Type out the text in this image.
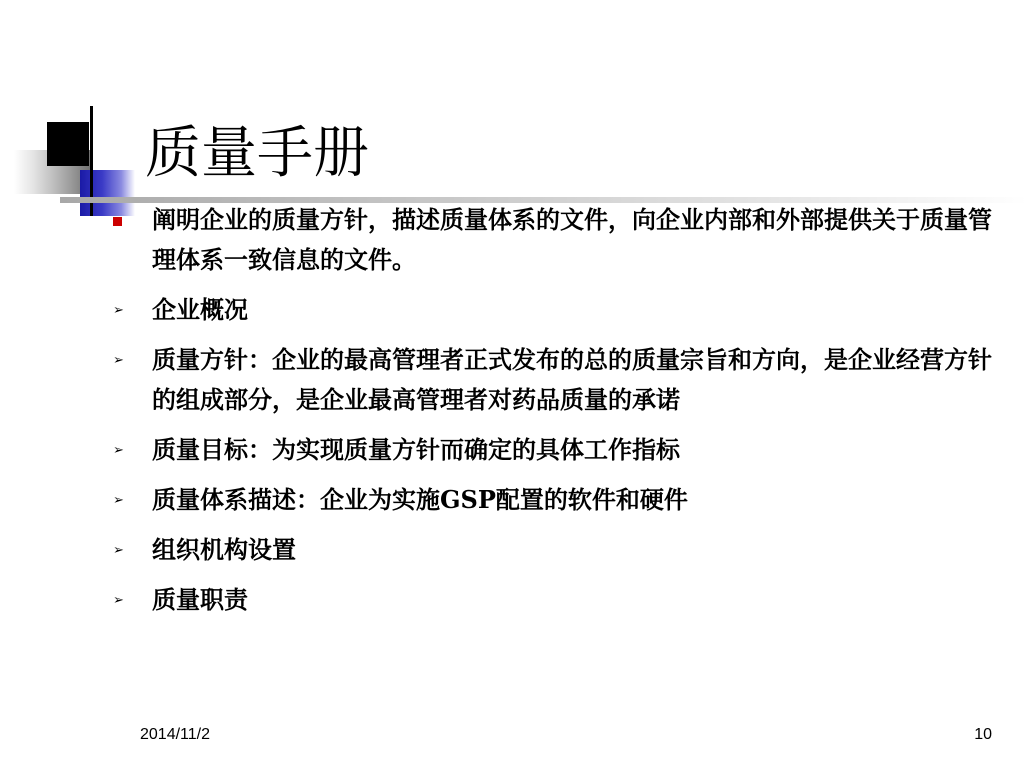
质量手册
阐明企业的质量方针，描述质量体系的文件，向企业内部和外部提供关于质量管理体系一致信息的文件。
➢ 企业概况
➢ 质量方针：企业的最高管理者正式发布的总的质量宗旨和方向，是企业经营方针的组成部分，是企业最高管理者对药品质量的承诺
➢ 质量目标：为实现质量方针而确定的具体工作指标
➢ 质量体系描述：企业为实施GSP配置的软件和硬件
➢ 组织机构设置
➢ 质量职责
2014/11/2	10
